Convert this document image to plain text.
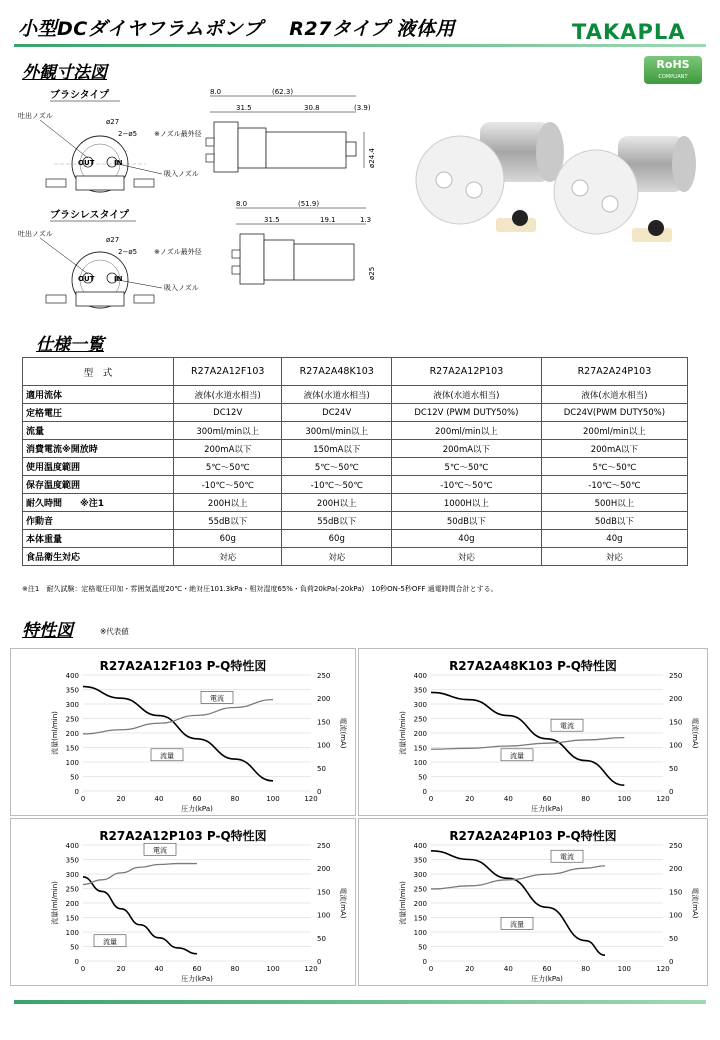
小型DCダイヤフラムポンプ　 R27タイプ 液体用	TAKAPLA
外観寸法図	RoHS
COMPLIANT
ブラシタイプ
OUT	IN
吐出ノズル
ø27
2−ø5 ※ノズル最外径
吸入ノズル
8.0	(62.3)
31.5	30.8	(3.9)
ø24.4
ブラシレスタイプ
OUT	IN
吐出ノズル
ø27
2−ø5 ※ノズル最外径
吸入ノズル
8.0	(51.9)
31.5	19.1	1.3
ø25
仕様一覧
型　式	R27A2A12F103	R27A2A48K103	R27A2A12P103	R27A2A24P103
適用流体	液体(水道水相当)	液体(水道水相当)	液体(水道水相当)	液体(水道水相当)
定格電圧	DC12V	DC24V	DC12V (PWM DUTY50%)	DC24V(PWM DUTY50%)
流量	300ml/min以上	300ml/min以上	200ml/min以上	200ml/min以上
消費電流※開放時	200mA以下	150mA以下	200mA以下	200mA以下
使用温度範囲	5℃～50℃	5℃～50℃	5℃～50℃	5℃～50℃
保存温度範囲	-10℃～50℃	-10℃～50℃	-10℃～50℃	-10℃～50℃
耐久時間　　※注1	200H以上	200H以上	1000H以上	500H以上
作動音	55dB以下	55dB以下	50dB以下	50dB以下
本体重量	60g	60g	40g	40g
食品衛生対応	対応	対応	対応	対応
※注1　耐久試験：定格電圧印加・雰囲気温度20℃・絶対圧101.3kPa・相対湿度65%・負荷20kPa(-20kPa)　10秒ON-5秒OFF 通電時間合計とする。
特性図	※代表値
R27A2A12F103 P-Q特性図
0
50
100
150
200
250
300
350
400
0	20	40	60	80	100	120
0
50
100
150
200
250
圧力(kPa)
流量(ml/min)	電流(mA)
流量
電流
R27A2A48K103 P-Q特性図
0
50
100
150
200
250
300
350
400
0	20	40	60	80	100	120
0
50
100
150
200
250
圧力(kPa)
流量(ml/min)	電流(mA)
流量
電流
R27A2A12P103 P-Q特性図
0
50
100
150
200
250
300
350
400
0	20	40	60	80	100	120
0
50
100
150
200
250
圧力(kPa)
流量(ml/min)	電流(mA)
流量
電流
R27A2A24P103 P-Q特性図
0
50
100
150
200
250
300
350
400
0	20	40	60	80	100	120
0
50
100
150
200
250
圧力(kPa)
流量(ml/min)	電流(mA)
流量
電流
